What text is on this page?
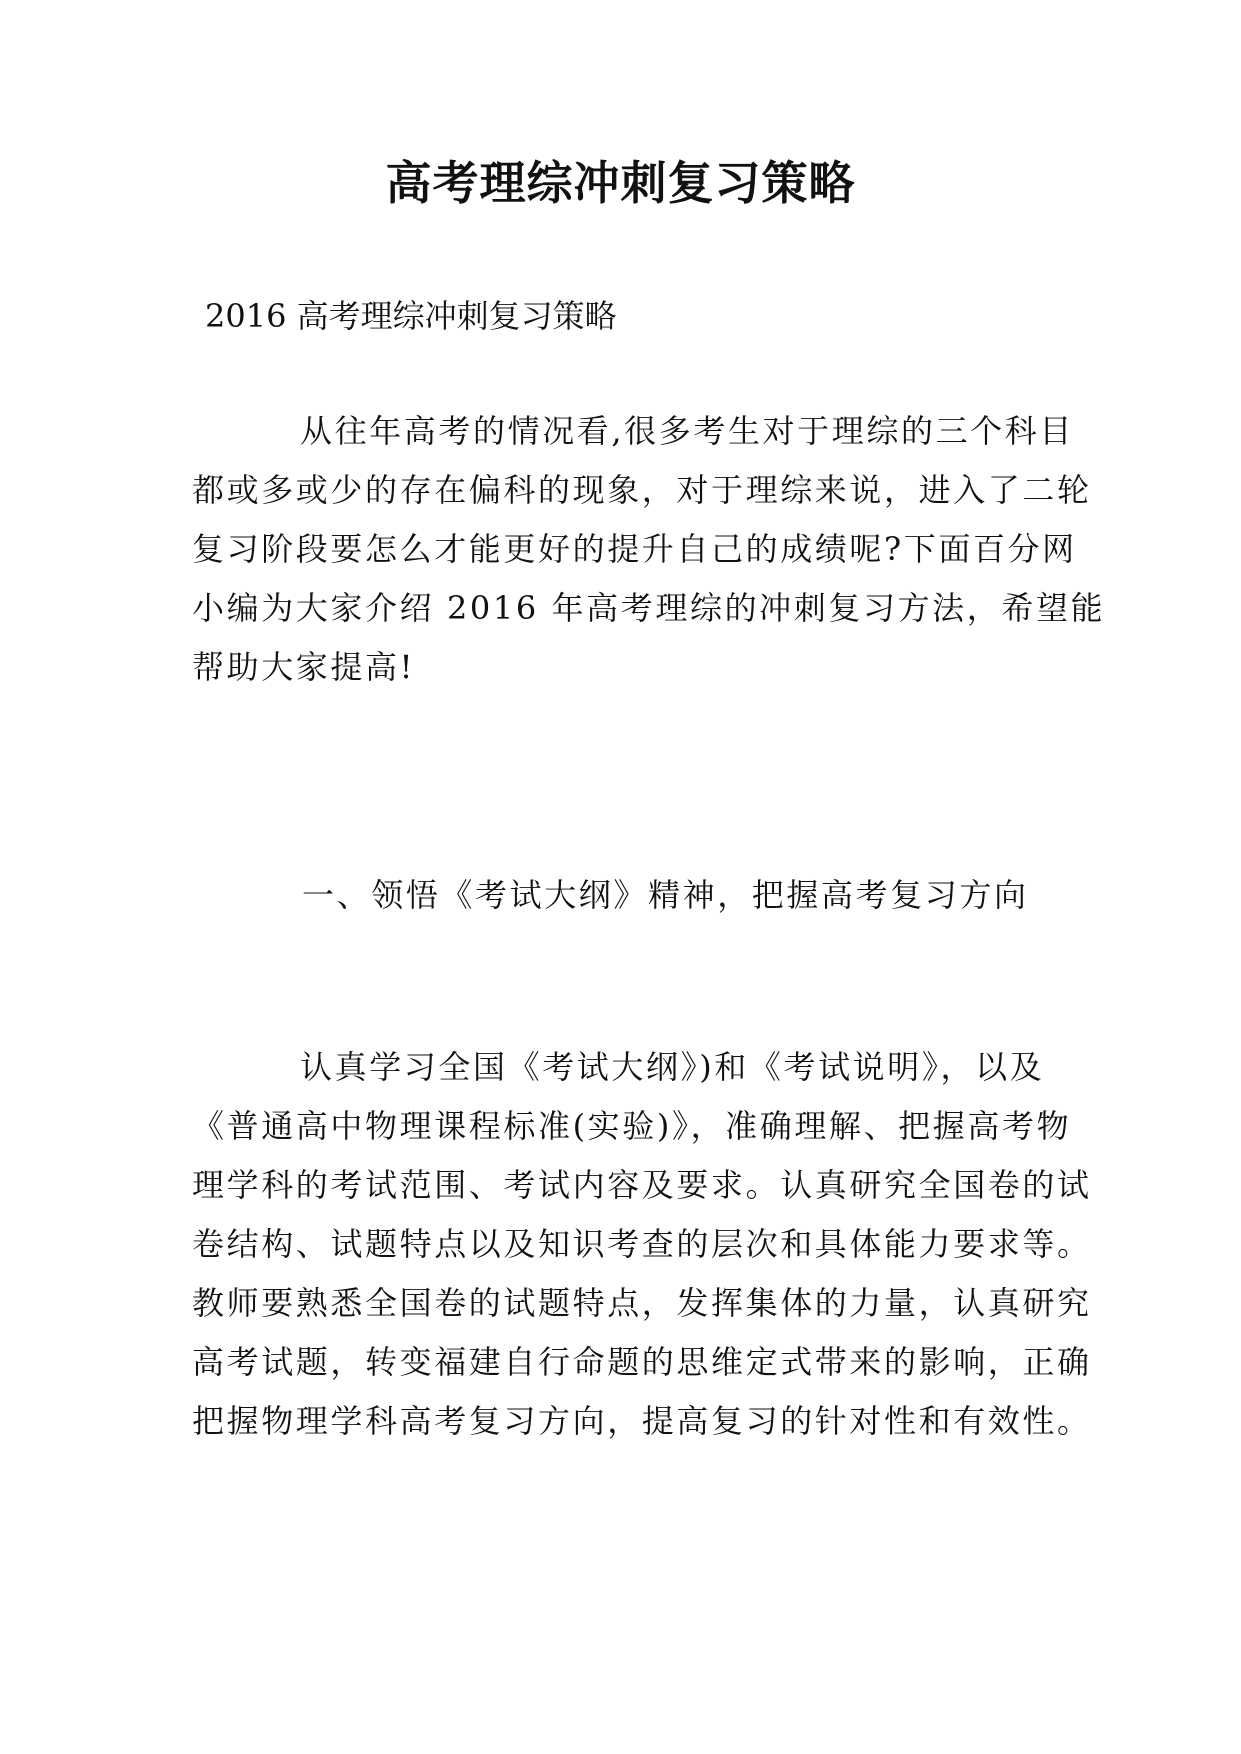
高考理综冲刺复习策略

2016 高考理综冲刺复习策略

从往年高考的情况看,很多考生对于理综的三个科目
都或多或少的存在偏科的现象，对于理综来说，进入了二轮
复习阶段要怎么才能更好的提升自己的成绩呢?下面百分网
小编为大家介绍 2016 年高考理综的冲刺复习方法，希望能
帮助大家提高!
一、领悟《考试大纲》精神，把握高考复习方向
认真学习全国《考试大纲》)和《考试说明》，以及
《普通高中物理课程标准(实验)》，准确理解、把握高考物
理学科的考试范围、考试内容及要求。认真研究全国卷的试
卷结构、试题特点以及知识考查的层次和具体能力要求等。
教师要熟悉全国卷的试题特点，发挥集体的力量，认真研究
高考试题，转变福建自行命题的思维定式带来的影响，正确
把握物理学科高考复习方向，提高复习的针对性和有效性。
